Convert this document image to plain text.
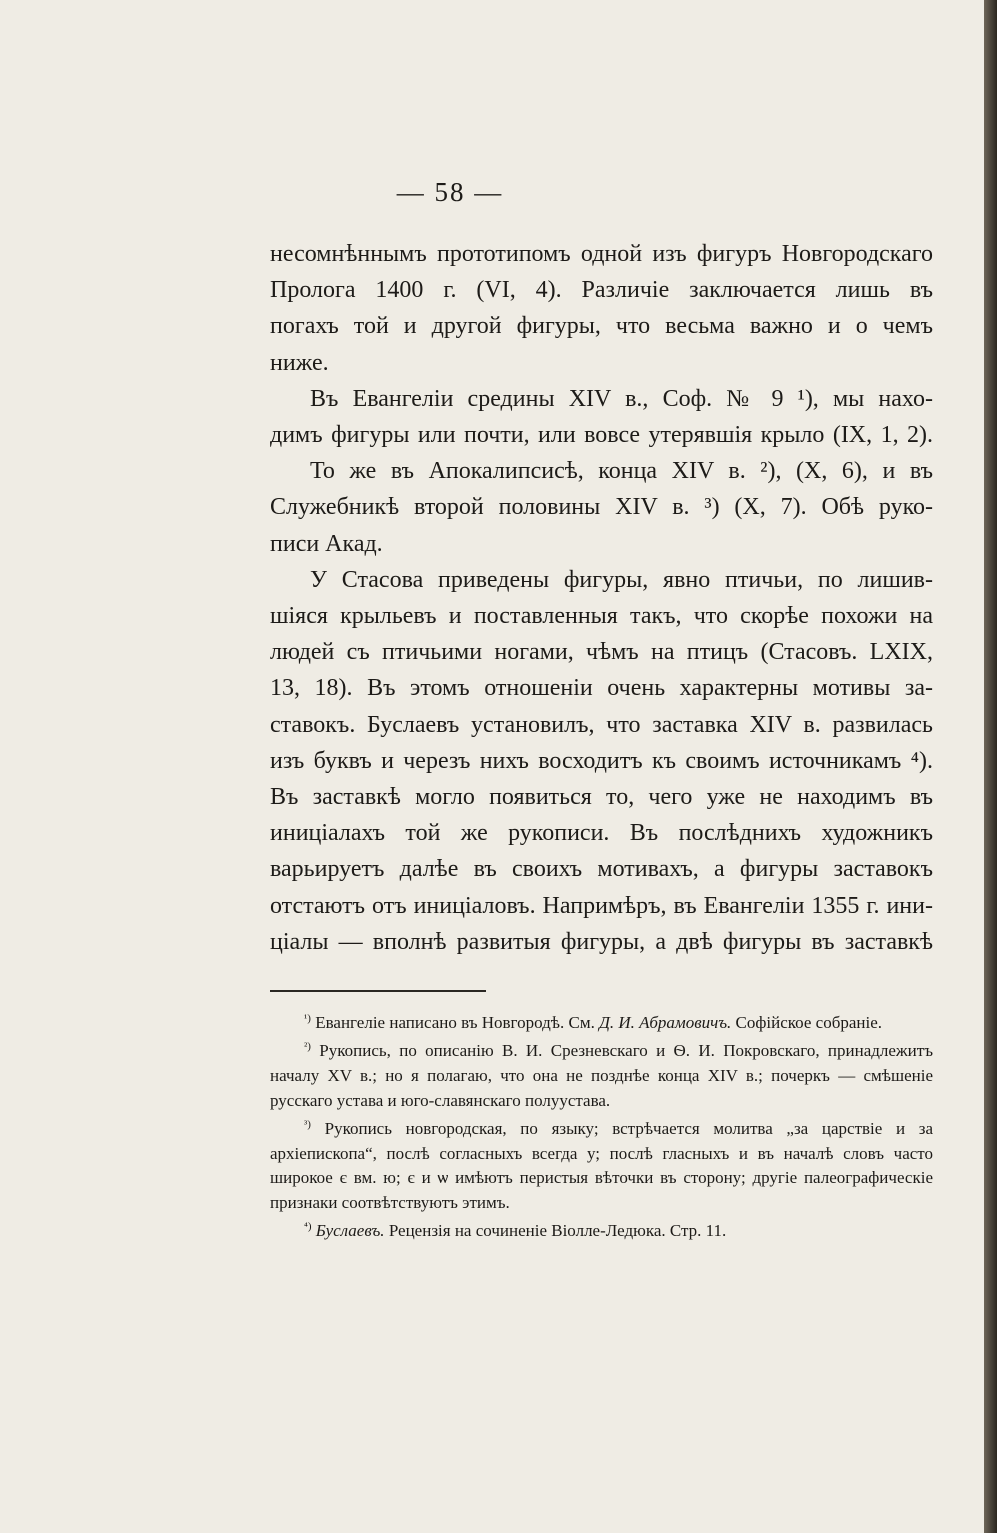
— 58 —

несомнѣннымъ прототипомъ одной изъ фигуръ Новгородскаго
Пролога 1400 г. (VI, 4). Различіе заключается лишь въ
погахъ той и другой фигуры, что весьма важно и о чемъ

ниже.

Въ Евангеліи средины XIV в., Соф. № 9 ¹), мы нахо-
димъ фигуры или почти, или вовсе утерявшія крыло (IX, 1, 2).

То же въ Апокалипсисѣ, конца XIV в. ²), (X, 6), и въ
Служебникѣ второй половины XIV в. ³) (X, 7). Обѣ руко-

писи Акад.

У Стасова приведены фигуры, явно птичьи, по лишив-
шіяся крыльевъ и поставленныя такъ, что скорѣе похожи на
людей съ птичьими ногами, чѣмъ на птицъ (Стасовъ. LXIX,
13, 18). Въ этомъ отношеніи очень характерны мотивы за-
ставокъ. Буслаевъ установилъ, что заставка XIV в. развилась
изъ буквъ и черезъ нихъ восходитъ къ своимъ источникамъ ⁴).
Въ заставкѣ могло появиться то, чего уже не находимъ въ
иниціалахъ той же рукописи. Въ послѣднихъ художникъ
варьируетъ далѣе въ своихъ мотивахъ, а фигуры заставокъ
отстаютъ отъ иниціаловъ. Напримѣръ, въ Евангеліи 1355 г. ини-
ціалы — вполнѣ развитыя фигуры, а двѣ фигуры въ заставкѣ

$^{^1)}$ Евангеліе написано въ Новгородѣ. См. Д. И. Абрамовичъ. Софійское собраніе.

$^{^2)}$ Рукопись, по описанію В. И. Срезневскаго и Ѳ. И. Покровскаго, принадлежитъ началу XV в.; но я полагаю, что она не позднѣе конца XIV в.; почеркъ — смѣшеніе русскаго устава и юго-славянскаго полуустава.

$^{^3)}$ Рукопись новгородская, по языку; встрѣчается молитва „за царствіе и за архіепископа“, послѣ согласныхъ всегда у; послѣ гласныхъ и въ началѣ словъ часто широкое є вм. ю; є и ѡ имѣютъ перистыя вѣточки въ сторону; другіе палеографическіе признаки соотвѣтствуютъ этимъ.

$^{^4)}$ Буслаевъ. Рецензія на сочиненіе Віолле-Ледюка. Стр. 11.
